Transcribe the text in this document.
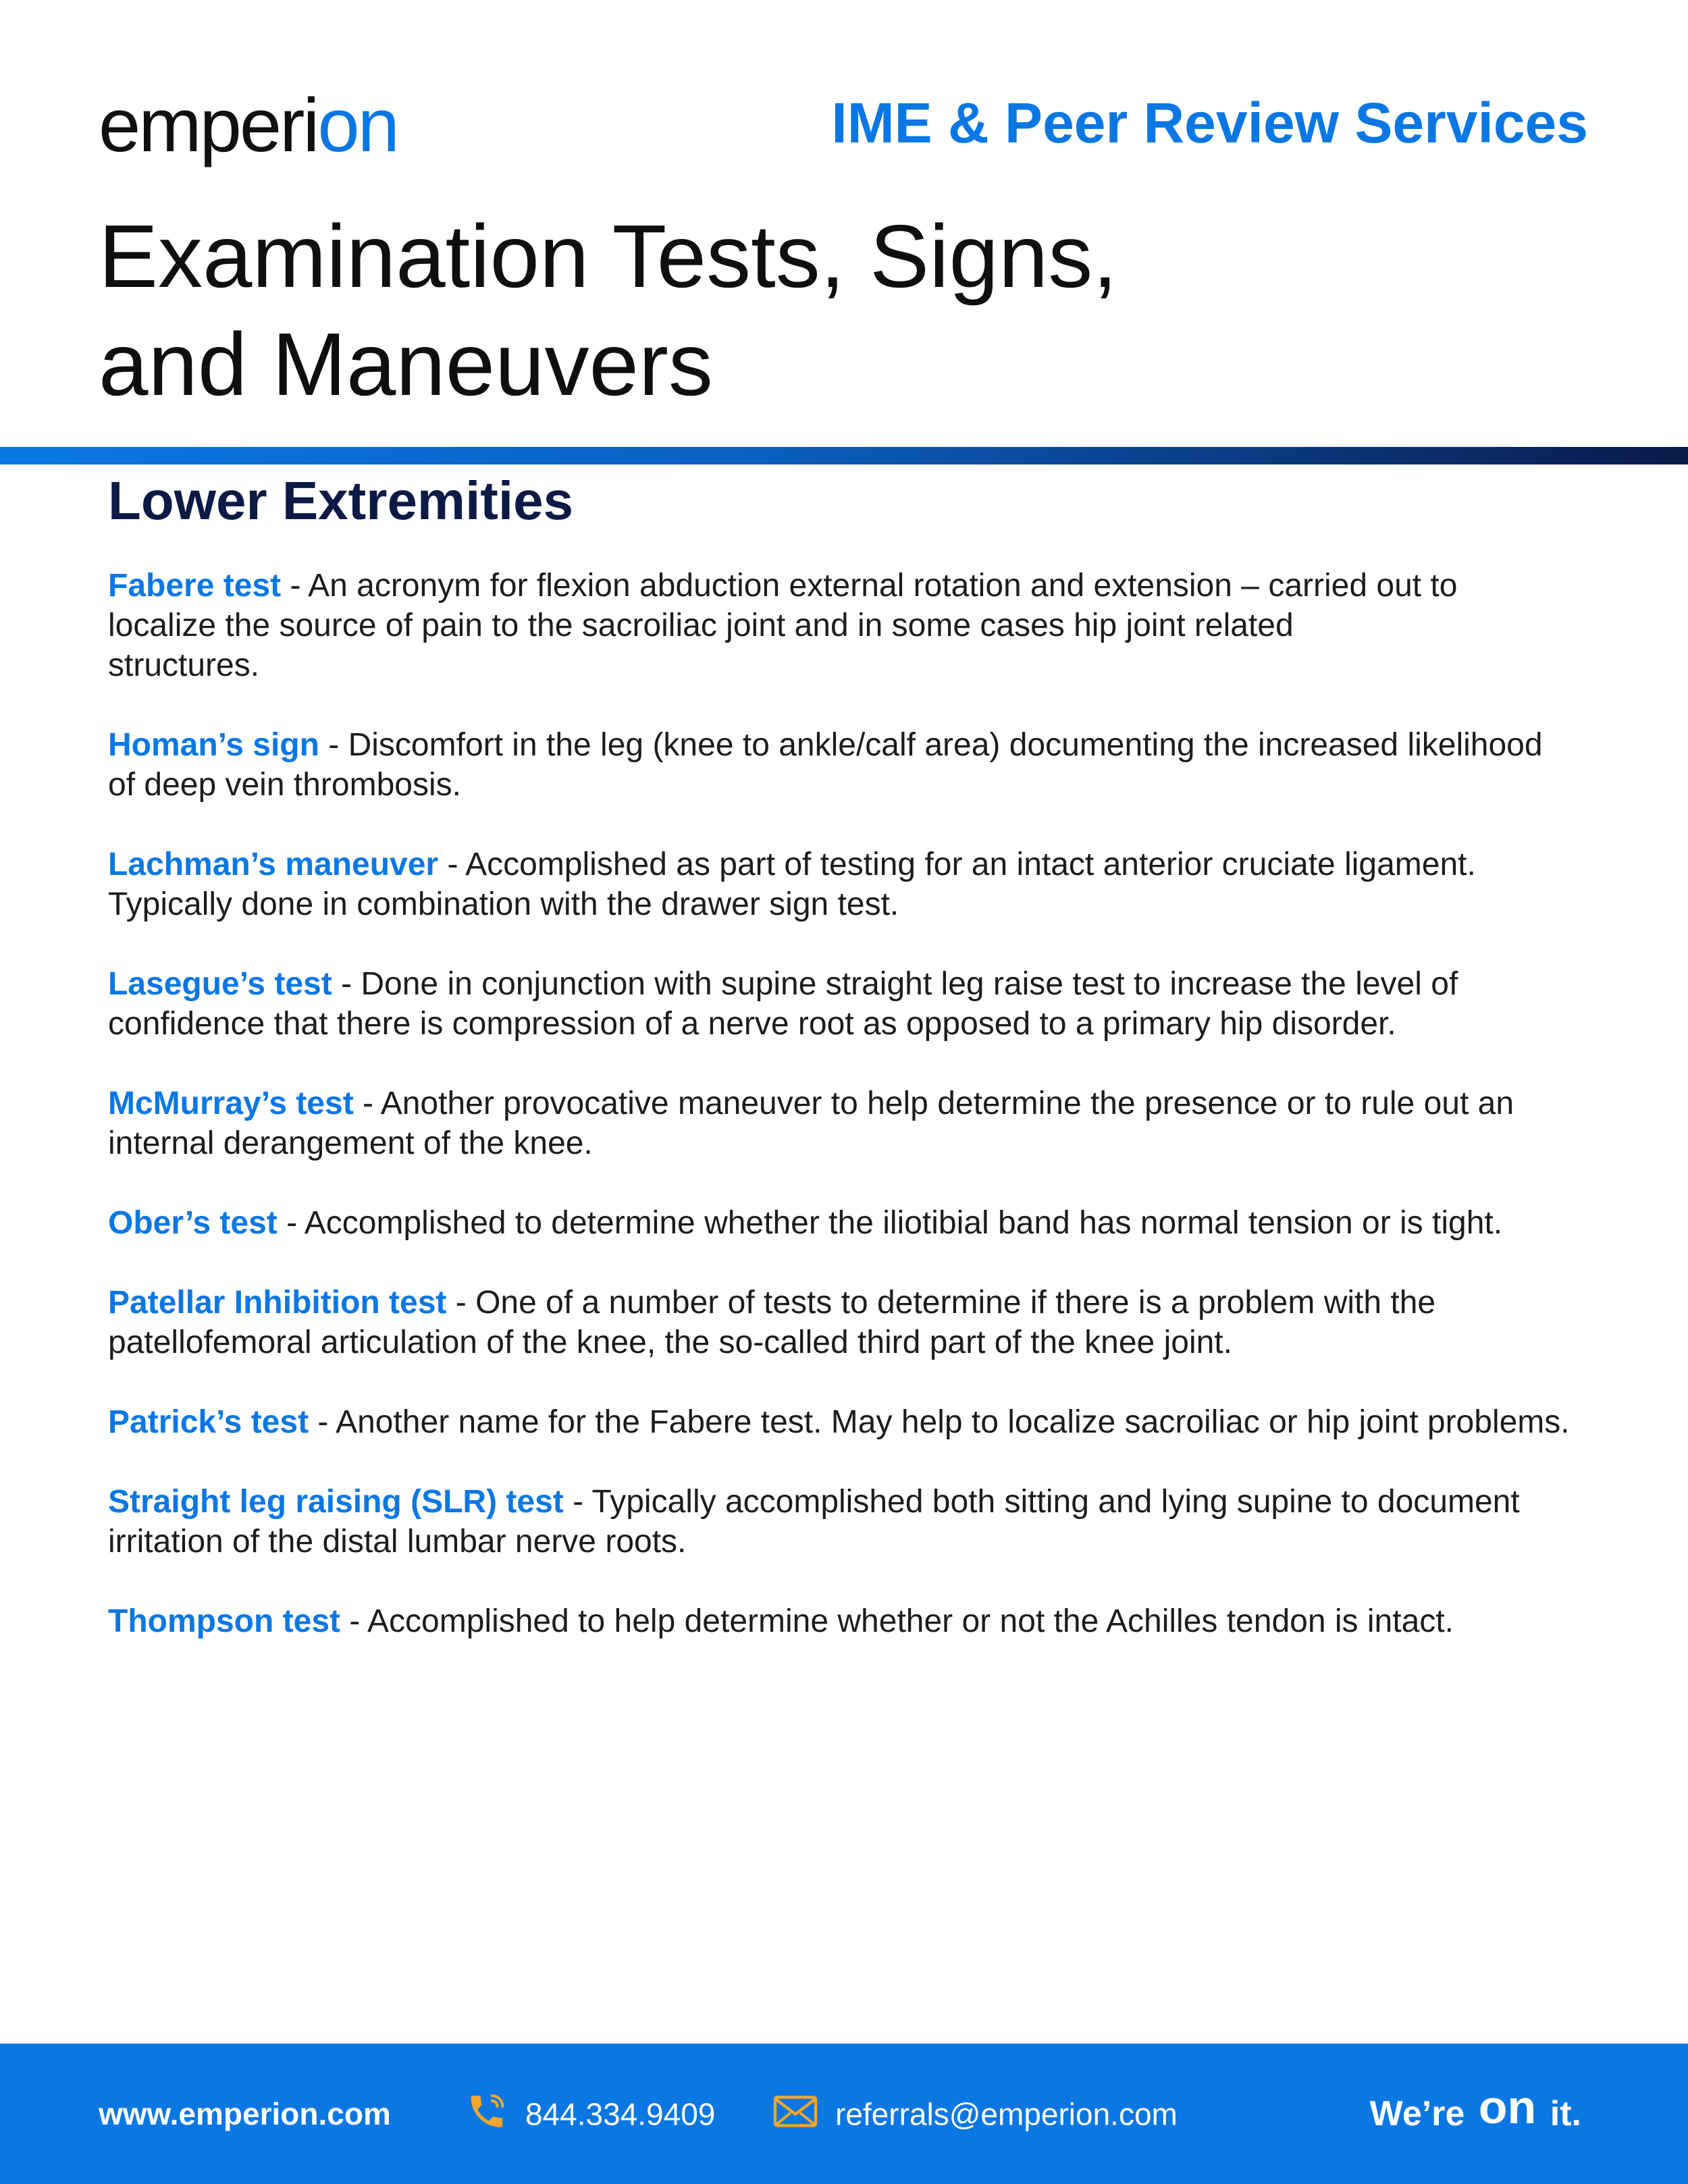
emperion	IME & Peer Review Services
Examination Tests, Signs,
and Maneuvers
Lower Extremities

Fabere test - An acronym for flexion abduction external rotation and extension – carried out to
localize the source of pain to the sacroiliac joint and in some cases hip joint related
structures.

Homan’s sign - Discomfort in the leg (knee to ankle/calf area) documenting the increased likelihood
of deep vein thrombosis.

Lachman’s maneuver - Accomplished as part of testing for an intact anterior cruciate ligament.
Typically done in combination with the drawer sign test.

Lasegue’s test - Done in conjunction with supine straight leg raise test to increase the level of
confidence that there is compression of a nerve root as opposed to a primary hip disorder.

McMurray’s test - Another provocative maneuver to help determine the presence or to rule out an
internal derangement of the knee.

Ober’s test - Accomplished to determine whether the iliotibial band has normal tension or is tight.

Patellar Inhibition test - One of a number of tests to determine if there is a problem with the
patellofemoral articulation of the knee, the so-called third part of the knee joint.

Patrick’s test - Another name for the Fabere test. May help to localize sacroiliac or hip joint problems.

Straight leg raising (SLR) test - Typically accomplished both sitting and lying supine to document
irritation of the distal lumbar nerve roots.

Thompson test - Accomplished to help determine whether or not the Achilles tendon is intact.

www.emperion.com	844.334.9409	referrals@emperion.com	We’re
on
it.
